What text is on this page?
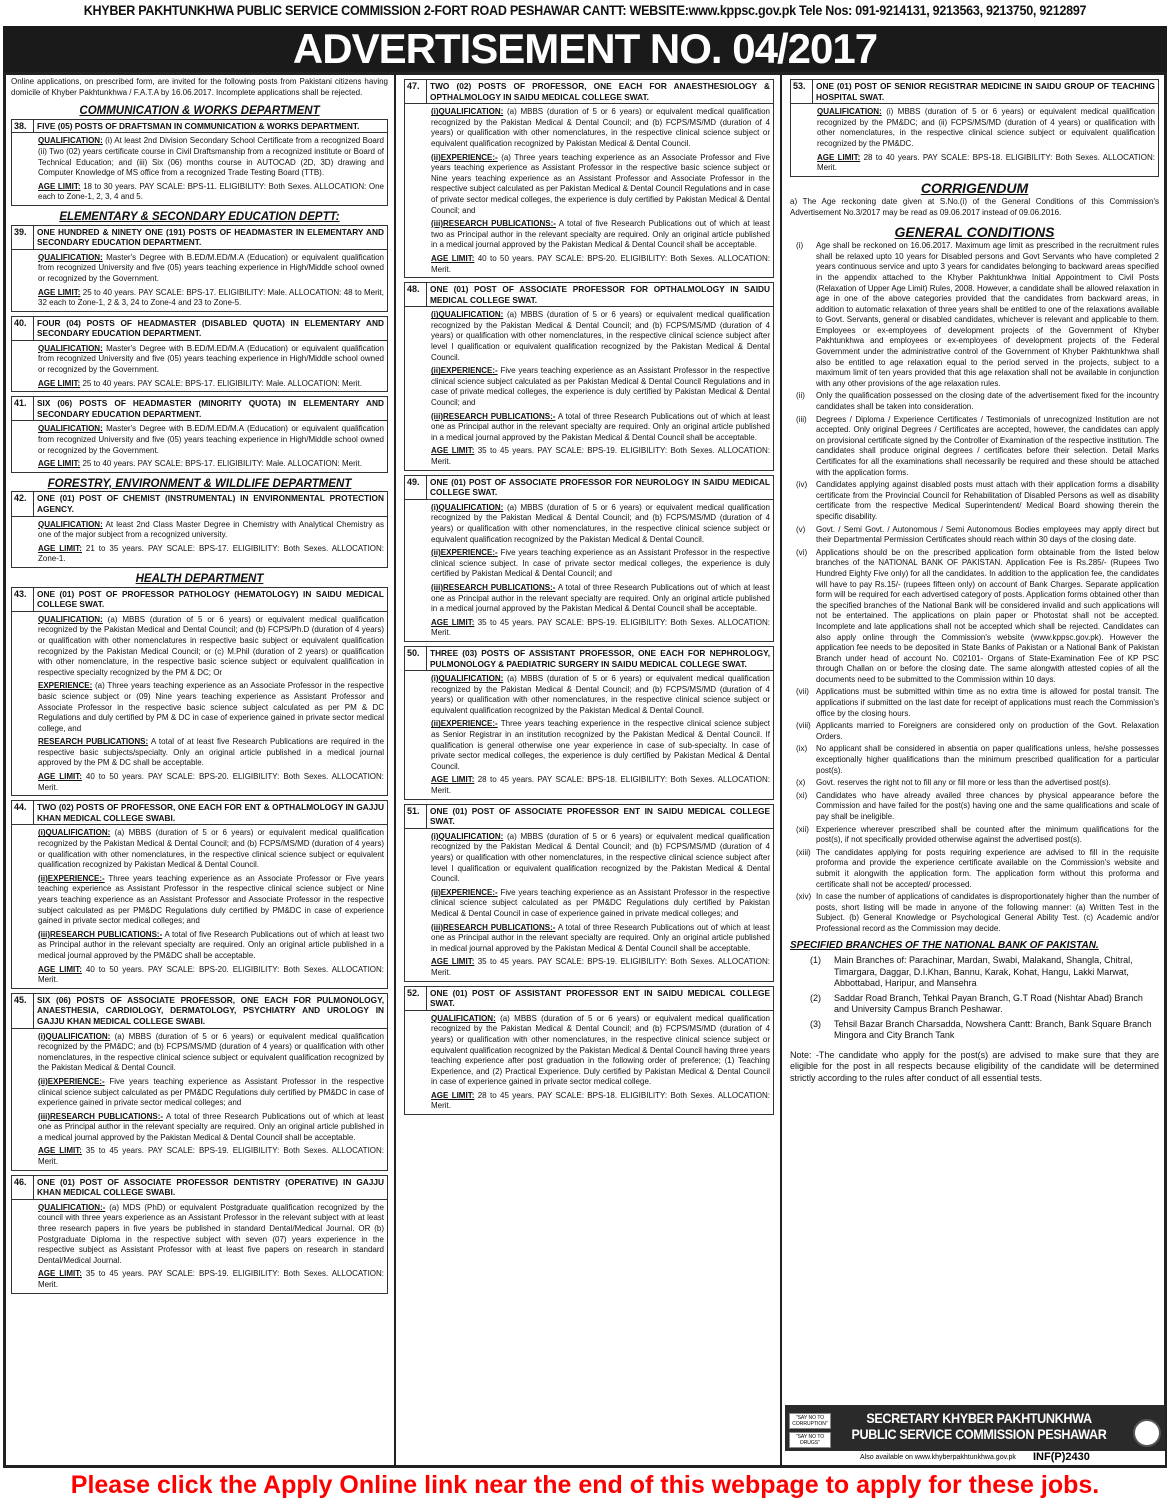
KHYBER PAKHTUNKHWA PUBLIC SERVICE COMMISSION 2-FORT ROAD PESHAWAR CANTT: WEBSITE:www.kppsc.gov.pk Tele Nos: 091-9214131, 9213563, 9213750, 9212897
ADVERTISEMENT NO. 04/2017
Online applications, on prescribed form, are invited for the following posts from Pakistani citizens having domicile of Khyber Pakhtunkhwa / F.A.T.A by 16.06.2017. Incomplete applications shall be rejected.
COMMUNICATION & WORKS DEPARTMENT
38.	FIVE (05) POSTS OF DRAFTSMAN IN COMMUNICATION & WORKS DEPARTMENT.
QUALIFICATION: (i) At least 2nd Division Secondary School Certificate from a recognized Board (ii) Two (02) years certificate course in Civil Draftsmanship from a recognized institute or Board of Technical Education; and (iii) Six (06) months course in AUTOCAD (2D, 3D) drawing and Computer Knowledge of MS office from a recognized Trade Testing Board (TTB).
AGE LIMIT: 18 to 30 years. PAY SCALE: BPS-11. ELIGIBILITY: Both Sexes. ALLOCATION: One each to Zone-1, 2, 3, 4 and 5.
ELEMENTARY & SECONDARY EDUCATION DEPTT:
39.	ONE HUNDRED & NINETY ONE (191) POSTS OF HEADMASTER IN ELEMENTARY AND SECONDARY EDUCATION DEPARTMENT.
QUALIFICATION: Master's Degree with B.ED/M.ED/M.A (Education) or equivalent qualification from recognized University and five (05) years teaching experience in High/Middle school owned or recognized by the Government.
AGE LIMIT: 25 to 40 years. PAY SCALE: BPS-17. ELIGIBILITY: Male. ALLOCATION: 48 to Merit, 32 each to Zone-1, 2 & 3, 24 to Zone-4 and 23 to Zone-5.
40.	FOUR (04) POSTS OF HEADMASTER (DISABLED QUOTA) IN ELEMENTARY AND SECONDARY EDUCATION DEPARTMENT.
QUALIFICATION: Master's Degree with B.ED/M.ED/M.A (Education) or equivalent qualification from recognized University and five (05) years teaching experience in High/Middle school owned or recognized by the Government.
AGE LIMIT: 25 to 40 years. PAY SCALE: BPS-17. ELIGIBILITY: Male. ALLOCATION: Merit.
41.	SIX (06) POSTS OF HEADMASTER (MINORITY QUOTA) IN ELEMENTARY AND SECONDARY EDUCATION DEPARTMENT.
QUALIFICATION: Master's Degree with B.ED/M.ED/M.A (Education) or equivalent qualification from recognized University and five (05) years teaching experience in High/Middle school owned or recognized by the Government.
AGE LIMIT: 25 to 40 years. PAY SCALE: BPS-17. ELIGIBILITY: Male. ALLOCATION: Merit.
FORESTRY, ENVIRONMENT & WILDLIFE DEPARTMENT
42.	ONE (01) POST OF CHEMIST (INSTRUMENTAL) IN ENVIRONMENTAL PROTECTION AGENCY.
QUALIFICATION: At least 2nd Class Master Degree in Chemistry with Analytical Chemistry as one of the major subject from a recognized university.
AGE LIMIT: 21 to 35 years. PAY SCALE: BPS-17. ELIGIBILITY: Both Sexes. ALLOCATION: Zone-1.
HEALTH DEPARTMENT
43.	ONE (01) POST OF PROFESSOR PATHOLOGY (HEMATOLOGY) IN SAIDU MEDICAL COLLEGE SWAT.
QUALIFICATION: (a) MBBS (duration of 5 or 6 years) or equivalent medical qualification recognized by the Pakistan Medical and Dental Council; and (b) FCPS/Ph.D (duration of 4 years) or qualification with other nomenclatures in respective basic subject or equivalent qualification recognized by the Pakistan Medical Council; or (c) M.Phil (duration of 2 years) or qualification with other nomenclature, in the respective basic science subject or equivalent qualification in respective specialty recognized by the PM & DC; Or
EXPERIENCE: (a) Three years teaching experience as an Associate Professor in the respective basic science subject or (09) Nine years teaching experience as Assistant Professor and Associate Professor in the respective basic science subject calculated as per PM & DC Regulations and duly certified by PM & DC in case of experience gained in private sector medical college, and
RESEARCH PUBLICATIONS: A total of at least five Research Publications are required in the respective basic subjects/specialty. Only an original article published in a medical journal approved by the PM & DC shall be acceptable.
AGE LIMIT: 40 to 50 years. PAY SCALE: BPS-20. ELIGIBILITY: Both Sexes. ALLOCATION: Merit.
44.	TWO (02) POSTS OF PROFESSOR, ONE EACH FOR ENT & OPTHALMOLOGY IN GAJJU KHAN MEDICAL COLLEGE SWABI.
(i)QUALIFICATION: (a) MBBS (duration of 5 or 6 years) or equivalent medical qualification recognized by the Pakistan Medical & Dental Council; and (b) FCPS/MS/MD (duration of 4 years) or qualification with other nomenclatures, in the respective clinical science subject or equivalent qualification recognized by Pakistan Medical & Dental Council.
(ii)EXPERIENCE:- Three years teaching experience as an Associate Professor or Five years teaching experience as Assistant Professor in the respective clinical science subject or Nine years teaching experience as an Assistant Professor and Associate Professor in the respective subject calculated as per PM&DC Regulations duly certified by PM&DC in case of experience gained in private sector medical colleges; and
(iii)RESEARCH PUBLICATIONS:- A total of five Research Publications out of which at least two as Principal author in the relevant specialty are required. Only an original article published in a medical journal approved by the PM&DC shall be acceptable.
AGE LIMIT: 40 to 50 years. PAY SCALE: BPS-20. ELIGIBILITY: Both Sexes. ALLOCATION: Merit.
45.	SIX (06) POSTS OF ASSOCIATE PROFESSOR, ONE EACH FOR PULMONOLOGY, ANAESTHESIA, CARDIOLOGY, DERMATOLOGY, PSYCHIATRY AND UROLOGY IN GAJJU KHAN MEDICAL COLLEGE SWABI.
(i)QUALIFICATION: (a) MBBS (duration of 5 or 6 years) or equivalent medical qualification recognized by the PM&DC; and (b) FCPS/MS/MD (duration of 4 years) or qualification with other nomenclatures, in the respective clinical science subject or equivalent qualification recognized by the Pakistan Medical & Dental Council.
(ii)EXPERIENCE:- Five years teaching experience as Assistant Professor in the respective clinical science subject calculated as per PM&DC Regulations duly certified by PM&DC in case of experience gained in private sector medical colleges; and
(iii)RESEARCH PUBLICATIONS:- A total of three Research Publications out of which at least one as Principal author in the relevant specialty are required. Only an original article published in a medical journal approved by the Pakistan Medical & Dental Council shall be acceptable.
AGE LIMIT: 35 to 45 years. PAY SCALE: BPS-19. ELIGIBILITY: Both Sexes. ALLOCATION: Merit.
46.	ONE (01) POST OF ASSOCIATE PROFESSOR DENTISTRY (OPERATIVE) IN GAJJU KHAN MEDICAL COLLEGE SWABI.
QUALIFICATION:- (a) MDS (PhD) or equivalent Postgraduate qualification recognized by the council with three years experience as an Assistant Professor in the relevant subject with at least three research papers in five years be published in standard Dental/Medical Journal. OR (b) Postgraduate Diploma in the respective subject with seven (07) years experience in the respective subject as Assistant Professor with at least five papers on research in standard Dental/Medical Journal.
AGE LIMIT: 35 to 45 years. PAY SCALE: BPS-19. ELIGIBILITY: Both Sexes. ALLOCATION: Merit.
47.	TWO (02) POSTS OF PROFESSOR, ONE EACH FOR ANAESTHESIOLOGY & OPTHALMOLOGY IN SAIDU MEDICAL COLLEGE SWAT.
(i)QUALIFICATION: (a) MBBS (duration of 5 or 6 years) or equivalent medical qualification recognized by the Pakistan Medical & Dental Council; and (b) FCPS/MS/MD (duration of 4 years) or qualification with other nomenclatures, in the respective clinical science subject or equivalent qualification recognized by Pakistan Medical & Dental Council.
(ii)EXPERIENCE:- (a) Three years teaching experience as an Associate Professor and Five years teaching experience as Assistant Professor in the respective basic science subject or Nine years teaching experience as an Assistant Professor and Associate Professor in the respective subject calculated as per Pakistan Medical & Dental Council Regulations and in case of private sector medical colleges, the experience is duly certified by Pakistan Medical & Dental Council; and
(iii)RESEARCH PUBLICATIONS:- A total of five Research Publications out of which at least two as Principal author in the relevant specialty are required. Only an original article published in a medical journal approved by the Pakistan Medical & Dental Council shall be acceptable.
AGE LIMIT: 40 to 50 years. PAY SCALE: BPS-20. ELIGIBILITY: Both Sexes. ALLOCATION: Merit.
48.	ONE (01) POST OF ASSOCIATE PROFESSOR FOR OPTHALMOLOGY IN SAIDU MEDICAL COLLEGE SWAT.
(i)QUALIFICATION: (a) MBBS (duration of 5 or 6 years) or equivalent medical qualification recognized by the Pakistan Medical & Dental Council; and (b) FCPS/MS/MD (duration of 4 years) or qualification with other nomenclatures, in the respective clinical science subject after level I qualification or equivalent qualification recognized by the Pakistan Medical & Dental Council.
(ii)EXPERIENCE:- Five years teaching experience as an Assistant Professor in the respective clinical science subject calculated as per Pakistan Medical & Dental Council Regulations and in case of private medical colleges, the experience is duly certified by Pakistan Medical & Dental Council; and
(iii)RESEARCH PUBLICATIONS:- A total of three Research Publications out of which at least one as Principal author in the relevant specialty are required. Only an original article published in a medical journal approved by the Pakistan Medical & Dental Council shall be acceptable.
AGE LIMIT: 35 to 45 years. PAY SCALE: BPS-19. ELIGIBILITY: Both Sexes. ALLOCATION: Merit.
49.	ONE (01) POST OF ASSOCIATE PROFESSOR FOR NEUROLOGY IN SAIDU MEDICAL COLLEGE SWAT.
(i)QUALIFICATION: (a) MBBS (duration of 5 or 6 years) or equivalent medical qualification recognized by the Pakistan Medical & Dental Council; and (b) FCPS/MS/MD (duration of 4 years) or qualification with other nomenclatures, in the respective clinical science subject or equivalent qualification recognized by the Pakistan Medical & Dental Council.
(ii)EXPERIENCE:- Five years teaching experience as an Assistant Professor in the respective clinical science subject. In case of private sector medical colleges, the experience is duly certified by Pakistan Medical & Dental Council; and
(iii)RESEARCH PUBLICATIONS:- A total of three Research Publications out of which at least one as Principal author in the relevant specialty are required. Only an original article published in a medical journal approved by the Pakistan Medical & Dental Council shall be acceptable.
AGE LIMIT: 35 to 45 years. PAY SCALE: BPS-19. ELIGIBILITY: Both Sexes. ALLOCATION: Merit.
50.	THREE (03) POSTS OF ASSISTANT PROFESSOR, ONE EACH FOR NEPHROLOGY, PULMONOLOGY & PAEDIATRIC SURGERY IN SAIDU MEDICAL COLLEGE SWAT.
(i)QUALIFICATION: (a) MBBS (duration of 5 or 6 years) or equivalent medical qualification recognized by the Pakistan Medical & Dental Council; and (b) FCPS/MS/MD (duration of 4 years) or qualification with other nomenclatures, in the respective clinical science subject or equivalent qualification recognized by the Pakistan Medical & Dental Council.
(ii)EXPERIENCE:- Three years teaching experience in the respective clinical science subject as Senior Registrar in an institution recognized by the Pakistan Medical & Dental Council. If qualification is general otherwise one year experience in case of sub-specialty. In case of private sector medical colleges, the experience is duly certified by Pakistan Medical & Dental Council.
AGE LIMIT: 28 to 45 years. PAY SCALE: BPS-18. ELIGIBILITY: Both Sexes. ALLOCATION: Merit.
51.	ONE (01) POST OF ASSOCIATE PROFESSOR ENT IN SAIDU MEDICAL COLLEGE SWAT.
(i)QUALIFICATION: (a) MBBS (duration of 5 or 6 years) or equivalent medical qualification recognized by the Pakistan Medical & Dental Council; and (b) FCPS/MS/MD (duration of 4 years) or qualification with other nomenclatures, in the respective clinical science subject after level I qualification or equivalent qualification recognized by the Pakistan Medical & Dental Council.
(ii)EXPERIENCE:- Five years teaching experience as an Assistant Professor in the respective clinical science subject calculated as per PM&DC Regulations duly certified by Pakistan Medical & Dental Council in case of experience gained in private medical colleges; and
(iii)RESEARCH PUBLICATIONS:- A total of three Research Publications out of which at least one as Principal author in the relevant specialty are required. Only an original article published in medical journal approved by the Pakistan Medical & Dental Council shall be acceptable.
AGE LIMIT: 35 to 45 years. PAY SCALE: BPS-19. ELIGIBILITY: Both Sexes. ALLOCATION: Merit.
52.	ONE (01) POST OF ASSISTANT PROFESSOR ENT IN SAIDU MEDICAL COLLEGE SWAT.
QUALIFICATION: (a) MBBS (duration of 5 or 6 years) or equivalent medical qualification recognized by the Pakistan Medical & Dental Council; and (b) FCPS/MS/MD (duration of 4 years) or qualification with other nomenclatures, in the respective clinical science subject or equivalent qualification recognized by the Pakistan Medical & Dental Council having three years teaching experience after post graduation in the following order of preference; (1) Teaching Experience, and (2) Practical Experience. Duly certified by Pakistan Medical & Dental Council in case of experience gained in private sector medical college.
AGE LIMIT: 28 to 45 years. PAY SCALE: BPS-18. ELIGIBILITY: Both Sexes. ALLOCATION: Merit.
53.	ONE (01) POST OF SENIOR REGISTRAR MEDICINE IN SAIDU GROUP OF TEACHING HOSPITAL SWAT.
QUALIFICATION: (i) MBBS (duration of 5 or 6 years) or equivalent medical qualification recognized by the PM&DC; and (ii) FCPS/MS/MD (duration of 4 years) or qualification with other nomenclatures, in the respective clinical science subject or equivalent qualification recognized by the PM&DC.
AGE LIMIT: 28 to 40 years. PAY SCALE: BPS-18. ELIGIBILITY: Both Sexes. ALLOCATION: Merit.
CORRIGENDUM
a) The Age reckoning date given at S.No.(i) of the General Conditions of this Commission's Advertisement No.3/2017 may be read as 09.06.2017 instead of 09.06.2016.
GENERAL CONDITIONS
(i)	Age shall be reckoned on 16.06.2017. Maximum age limit as prescribed in the recruitment rules shall be relaxed upto 10 years for Disabled persons and Govt Servants who have completed 2 years continuous service and upto 3 years for candidates belonging to backward areas specified in the appendix attached to the Khyber Pakhtunkhwa Initial Appointment to Civil Posts (Relaxation of Upper Age Limit) Rules, 2008. However, a candidate shall be allowed relaxation in age in one of the above categories provided that the candidates from backward areas, in addition to automatic relaxation of three years shall be entitled to one of the relaxations available to Govt. Servants, general or disabled candidates, whichever is relevant and applicable to them. Employees or ex-employees of development projects of the Government of Khyber Pakhtunkhwa and employees or ex-employees of development projects of the Federal Government under the administrative control of the Government of Khyber Pakhtunkhwa shall also be entitled to age relaxation equal to the period served in the projects, subject to a maximum limit of ten years provided that this age relaxation shall not be available in conjunction with any other provisions of the age relaxation rules.
(ii)	Only the qualification possessed on the closing date of the advertisement fixed for the incountry candidates shall be taken into consideration.
(iii)	Degrees / Diploma / Experience Certificates / Testimonials of unrecognized Institution are not accepted. Only original Degrees / Certificates are accepted, however, the candidates can apply on provisional certificate signed by the Controller of Examination of the respective institution. The candidates shall produce original degrees / certificates before their selection. Detail Marks Certificates for all the examinations shall necessarily be required and these should be attached with the application forms.
(iv)	Candidates applying against disabled posts must attach with their application forms a disability certificate from the Provincial Council for Rehabilitation of Disabled Persons as well as disability certificate from the respective Medical Superintendent/ Medical Board showing therein the specific disability.
(v)	Govt. / Semi Govt. / Autonomous / Semi Autonomous Bodies employees may apply direct but their Departmental Permission Certificates should reach within 30 days of the closing date.
(vi)	Applications should be on the prescribed application form obtainable from the listed below branches of the NATIONAL BANK OF PAKISTAN. Application Fee is Rs.285/- (Rupees Two Hundred Eighty Five only) for all the candidates. In addition to the application fee, the candidates will have to pay Rs.15/- (rupees fifteen only) on account of Bank Charges. Separate application form will be required for each advertised category of posts. Application forms obtained other than the specified branches of the National Bank will be considered invalid and such applications will not be entertained. The applications on plain paper or Photostat shall not be accepted. Incomplete and late applications shall not be accepted which shall be rejected. Candidates can also apply online through the Commission's website (www.kppsc.gov.pk). However the application fee needs to be deposited in State Banks of Pakistan or a National Bank of Pakistan Branch under head of account No. C02101- Organs of State-Examination Fee of KP PSC through Challan on or before the closing date. The same alongwith attested copies of all the documents need to be submitted to the Commission within 10 days.
(vii) Applications must be submitted within time as no extra time is allowed for postal transit. The applications if submitted on the last date for receipt of applications must reach the Commission's office by the closing hours.
(viii) Applicants married to Foreigners are considered only on production of the Govt. Relaxation Orders.
(ix)	No applicant shall be considered in absentia on paper qualifications unless, he/she possesses exceptionally higher qualifications than the minimum prescribed qualification for a particular post(s).
(x)	Govt. reserves the right not to fill any or fill more or less than the advertised post(s).
(xi)	Candidates who have already availed three chances by physical appearance before the Commission and have failed for the post(s) having one and the same qualifications and scale of pay shall be ineligible.
(xii) Experience wherever prescribed shall be counted after the minimum qualifications for the post(s), if not specifically provided otherwise against the advertised post(s).
(xiii) The candidates applying for posts requiring experience are advised to fill in the requisite proforma and provide the experience certificate available on the Commission's website and submit it alongwith the application form. The application form without this proforma and certificate shall not be accepted/ processed.
(xiv) In case the number of applications of candidates is disproportionately higher than the number of posts, short listing will be made in anyone of the following manner: (a) Written Test in the Subject. (b) General Knowledge or Psychological General Ability Test. (c) Academic and/or Professional record as the Commission may decide.
SPECIFIED BRANCHES OF THE NATIONAL BANK OF PAKISTAN.
(1)	Main Branches of: Parachinar, Mardan, Swabi, Malakand, Shangla, Chitral, Timargara, Daggar, D.I.Khan, Bannu, Karak, Kohat, Hangu, Lakki Marwat, Abbottabad, Haripur, and Mansehra
(2)	Saddar Road Branch, Tehkal Payan Branch, G.T Road (Nishtar Abad) Branch and University Campus Branch Peshawar.
(3)	Tehsil Bazar Branch Charsadda, Nowshera Cantt: Branch, Bank Square Branch Mingora and City Branch Tank
Note: -The candidate who apply for the post(s) are advised to make sure that they are eligible for the post in all respects because eligibility of the candidate will be determined strictly according to the rules after conduct of all essential tests.
"SAY NO TO CORRUPTION"
"SAY NO TO DRUGS"
SECRETARY KHYBER PAKHTUNKHWA
PUBLIC SERVICE COMMISSION PESHAWAR
Also available on www.khyberpakhtunkhwa.gov.pk INF(P)2430
Please click the Apply Online link near the end of this webpage to apply for these jobs.
